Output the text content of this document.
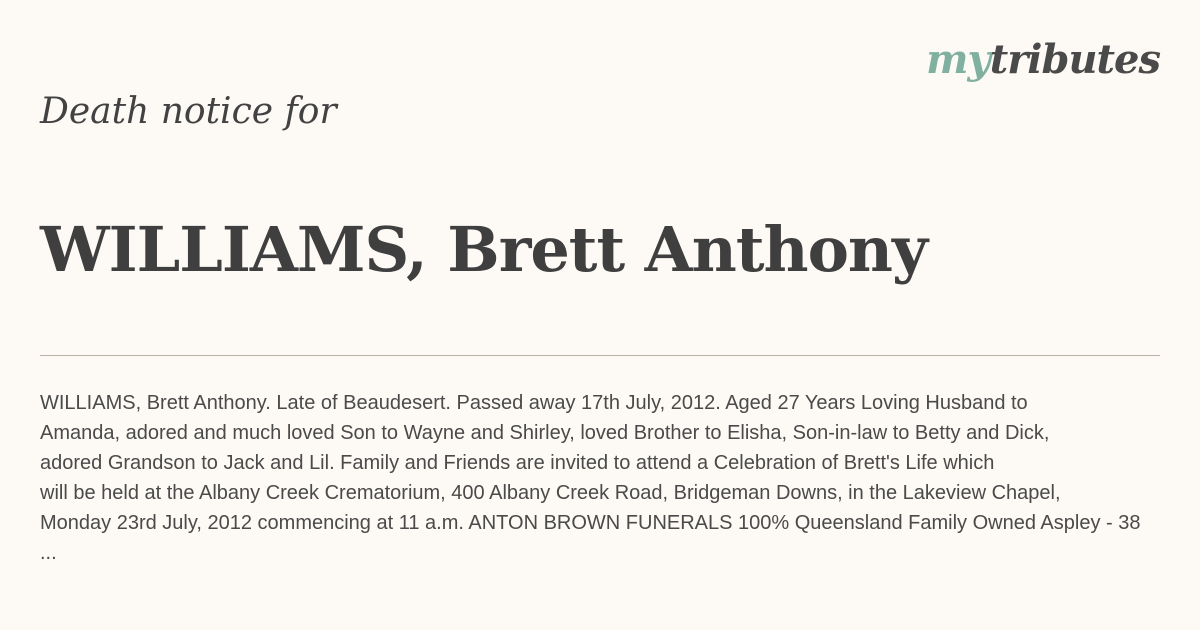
mytributes
Death notice for
WILLIAMS, Brett Anthony
WILLIAMS, Brett Anthony. Late of Beaudesert. Passed away 17th July, 2012. Aged 27 Years Loving Husband to
Amanda, adored and much loved Son to Wayne and Shirley, loved Brother to Elisha, Son-in-law to Betty and Dick,
adored Grandson to Jack and Lil. Family and Friends are invited to attend a Celebration of Brett's Life which
will be held at the Albany Creek Crematorium, 400 Albany Creek Road, Bridgeman Downs, in the Lakeview Chapel,
Monday 23rd July, 2012 commencing at 11 a.m. ANTON BROWN FUNERALS 100% Queensland Family Owned Aspley - 38
...
